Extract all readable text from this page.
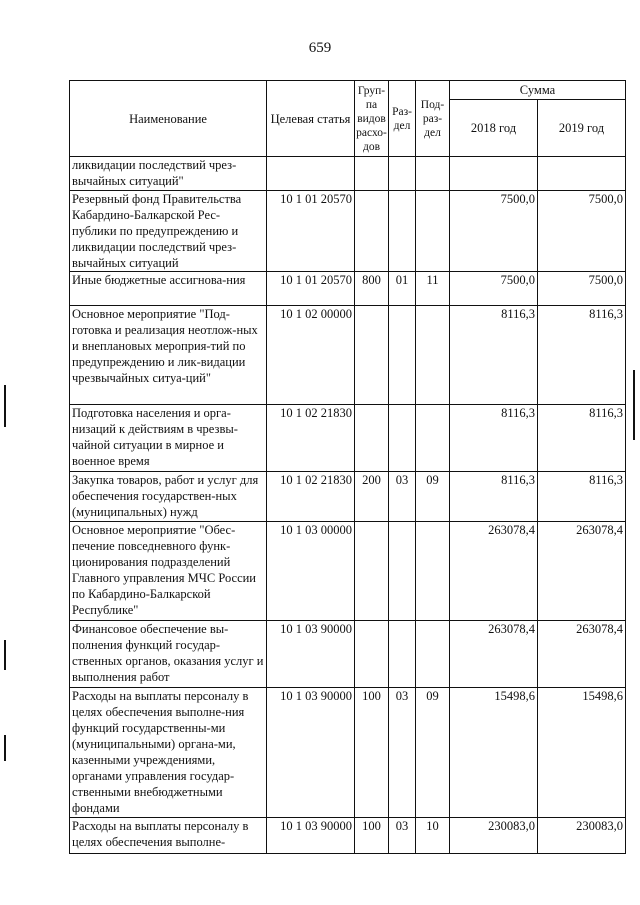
659
Наименование	Целевая статья	Груп-па видов расхо-дов	Раз-дел	Под-раз-дел	Сумма	
					2018 год	2019 год
ликвидации последствий чрез-вычайных ситуаций"						
Резервный фонд Правительства Кабардино-Балкарской Рес-публики по предупреждению и ликвидации последствий чрез-вычайных ситуаций	10 1 01 20570				7500,0	7500,0
Иные бюджетные ассигнова-ния	10 1 01 20570	800	01	11	7500,0	7500,0
Основное мероприятие "Под-готовка и реализация неотлож-ных и внеплановых мероприя-тий по предупреждению и лик-видации чрезвычайных ситуа-ций"	10 1 02 00000				8116,3	8116,3
Подготовка населения и орга-низаций к действиям в чрезвы-чайной ситуации в мирное и военное время	10 1 02 21830				8116,3	8116,3
Закупка товаров, работ и услуг для обеспечения государствен-ных (муниципальных) нужд	10 1 02 21830	200	03	09	8116,3	8116,3
Основное мероприятие "Обес-печение повседневного функ-ционирования подразделений Главного управления МЧС России по Кабардино-Балкарской Республике"	10 1 03 00000				263078,4	263078,4
Финансовое обеспечение вы-полнения функций государ-ственных органов, оказания услуг и выполнения работ	10 1 03 90000				263078,4	263078,4
Расходы на выплаты персоналу в целях обеспечения выполне-ния функций государственны-ми (муниципальными) органа-ми, казенными учреждениями, органами управления государ-ственными внебюджетными фондами	10 1 03 90000	100	03	09	15498,6	15498,6
Расходы на выплаты персоналу в целях обеспечения выполне-	10 1 03 90000	100	03	10	230083,0	230083,0
